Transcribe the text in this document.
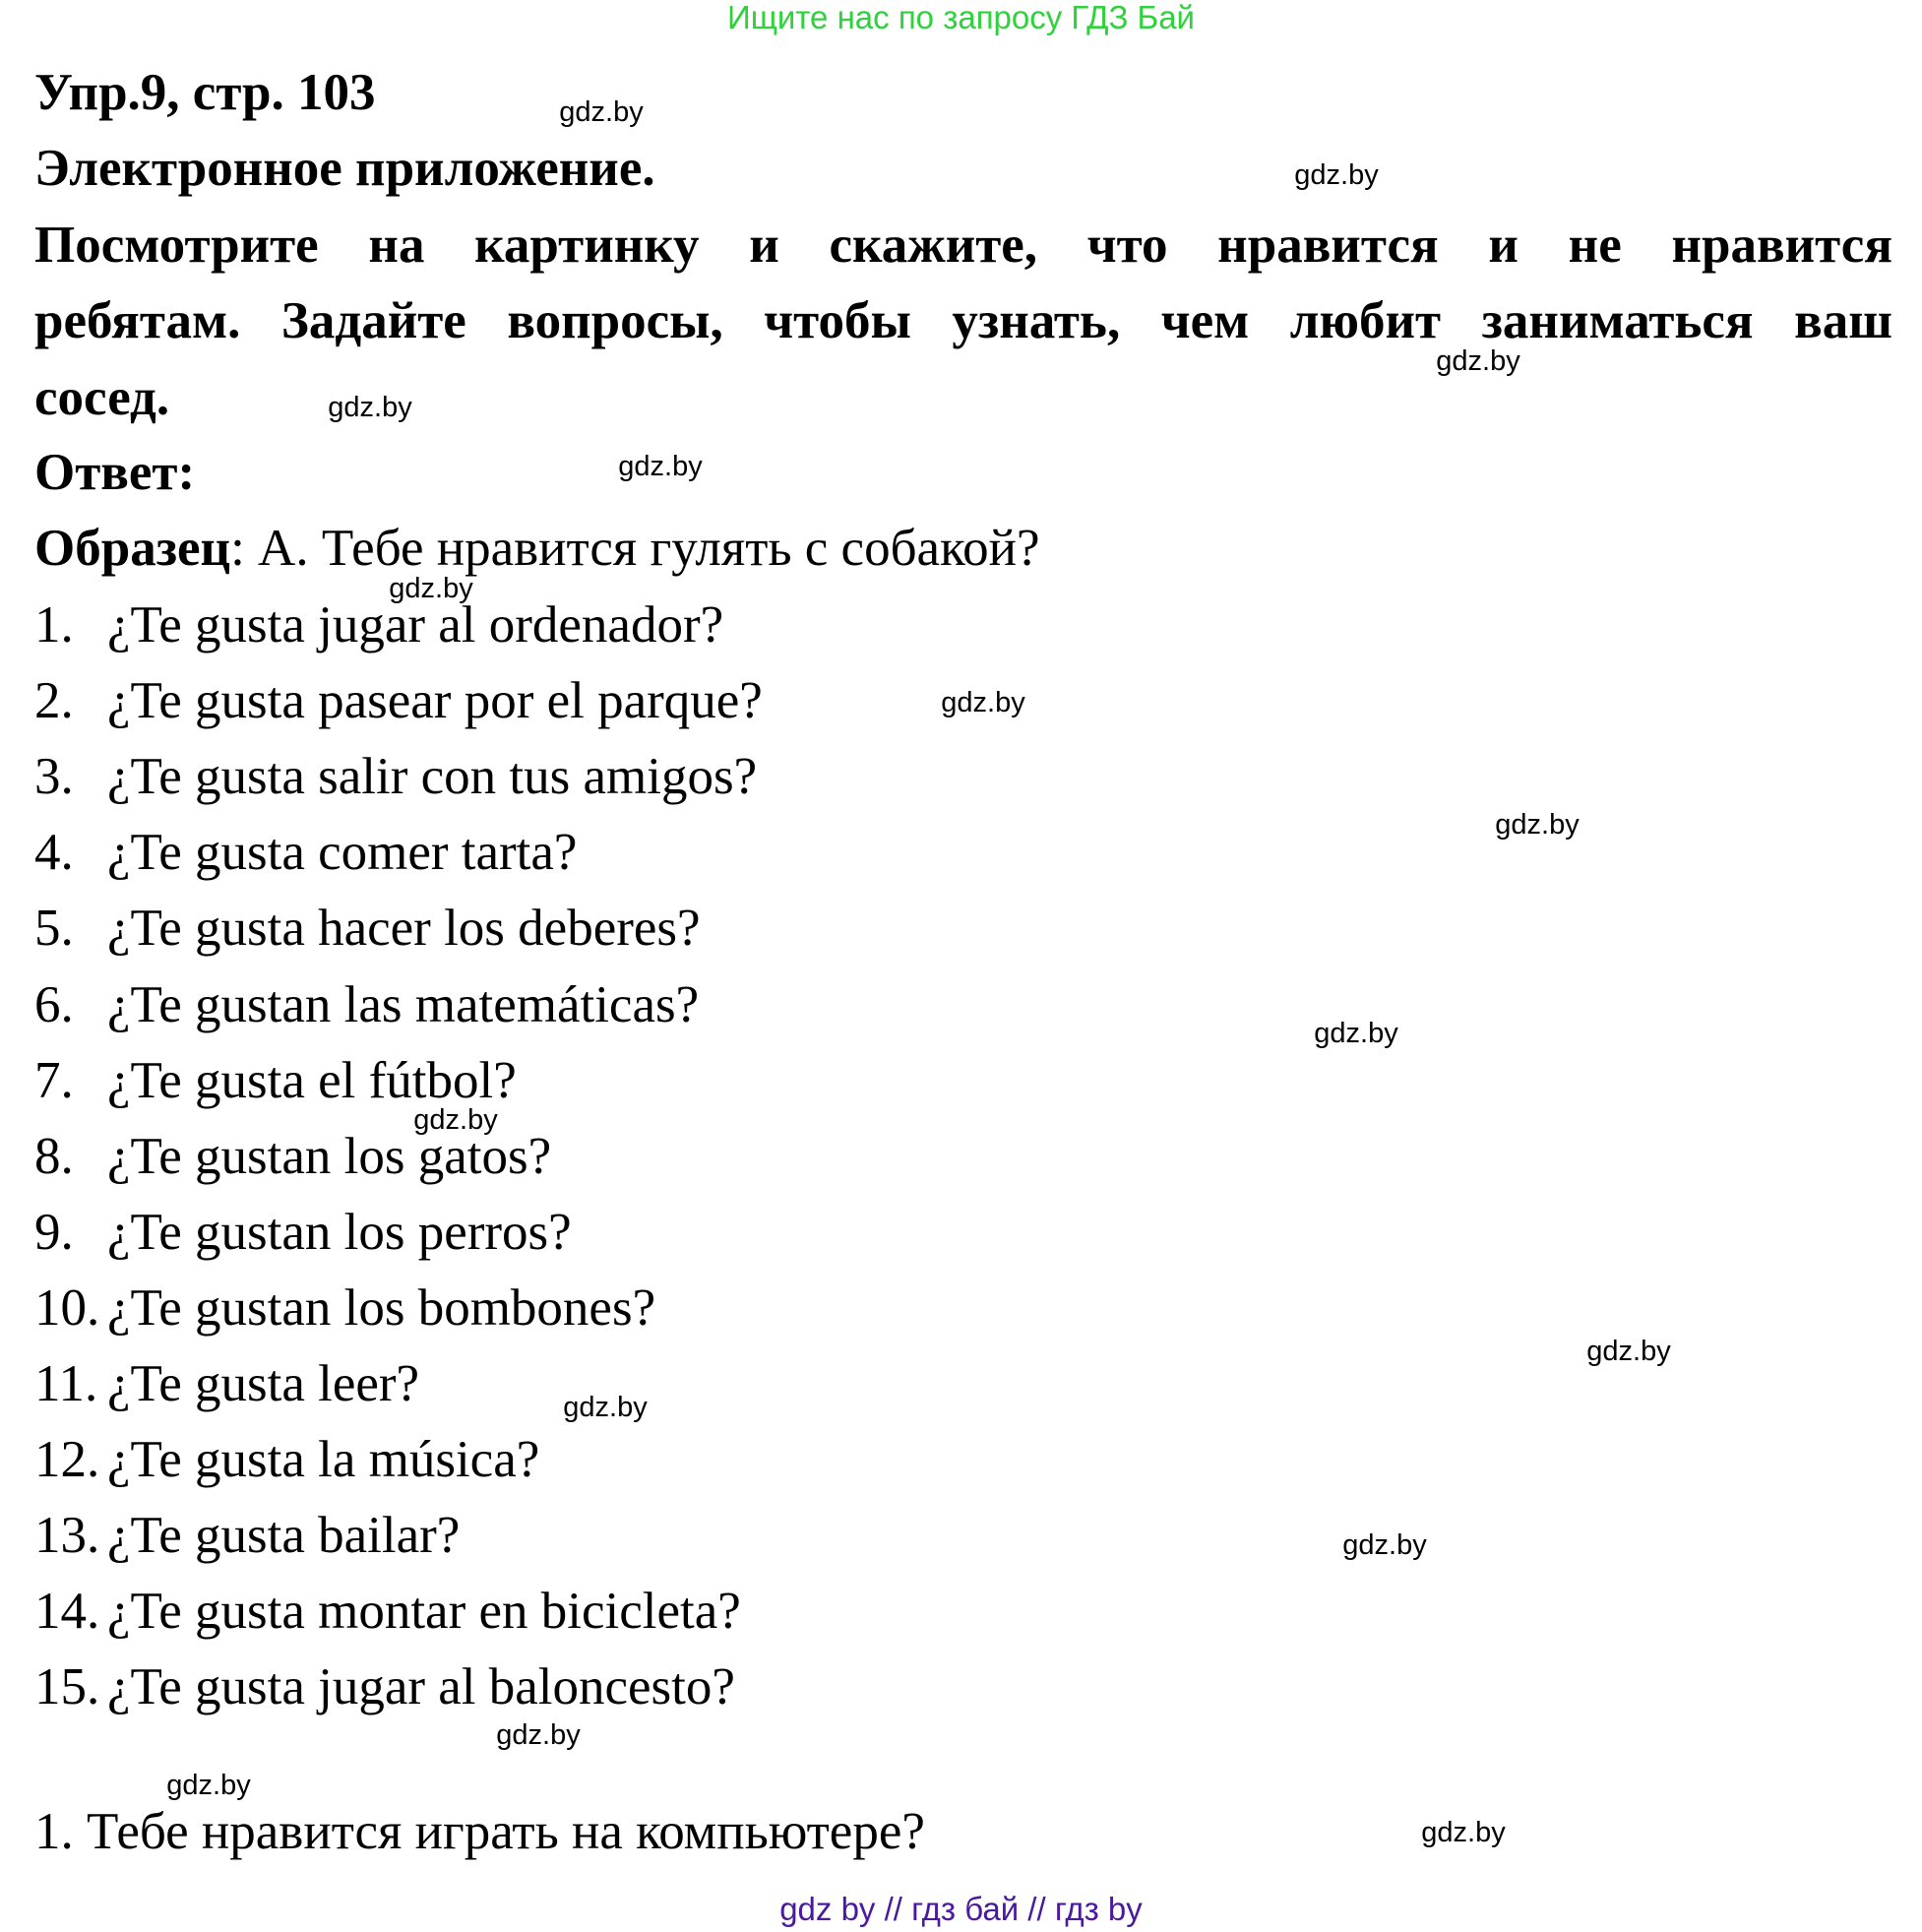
Ищите нас по запросу ГДЗ Бай
Упр.9, стр. 103
Электронное приложение.
Посмотрите на картинку и скажите, что нравится и не нравится
ребятам. Задайте вопросы, чтобы узнать, чем любит заниматься ваш
сосед.
Ответ:
Образец: А. Тебе нравится гулять с собакой?
1. ¿Te gusta jugar al ordenador?
2. ¿Te gusta pasear por el parque?
3. ¿Te gusta salir con tus amigos?
4. ¿Te gusta comer tarta?
5. ¿Te gusta hacer los deberes?
6. ¿Te gustan las matemáticas?
7. ¿Te gusta el fútbol?
8. ¿Te gustan los gatos?
9. ¿Te gustan los perros?
10. ¿Te gustan los bombones?
11. ¿Te gusta leer?
12. ¿Te gusta la música?
13. ¿Te gusta bailar?
14. ¿Te gusta montar en bicicleta?
15. ¿Te gusta jugar al baloncesto?
1. Тебе нравится играть на компьютере?
gdz.by
gdz.by
gdz.by
gdz.by
gdz.by
gdz.by
gdz.by
gdz.by
gdz.by
gdz.by
gdz.by
gdz.by
gdz.by
gdz.by
gdz.by
gdz.by
gdz by // гдз бай // гдз by
